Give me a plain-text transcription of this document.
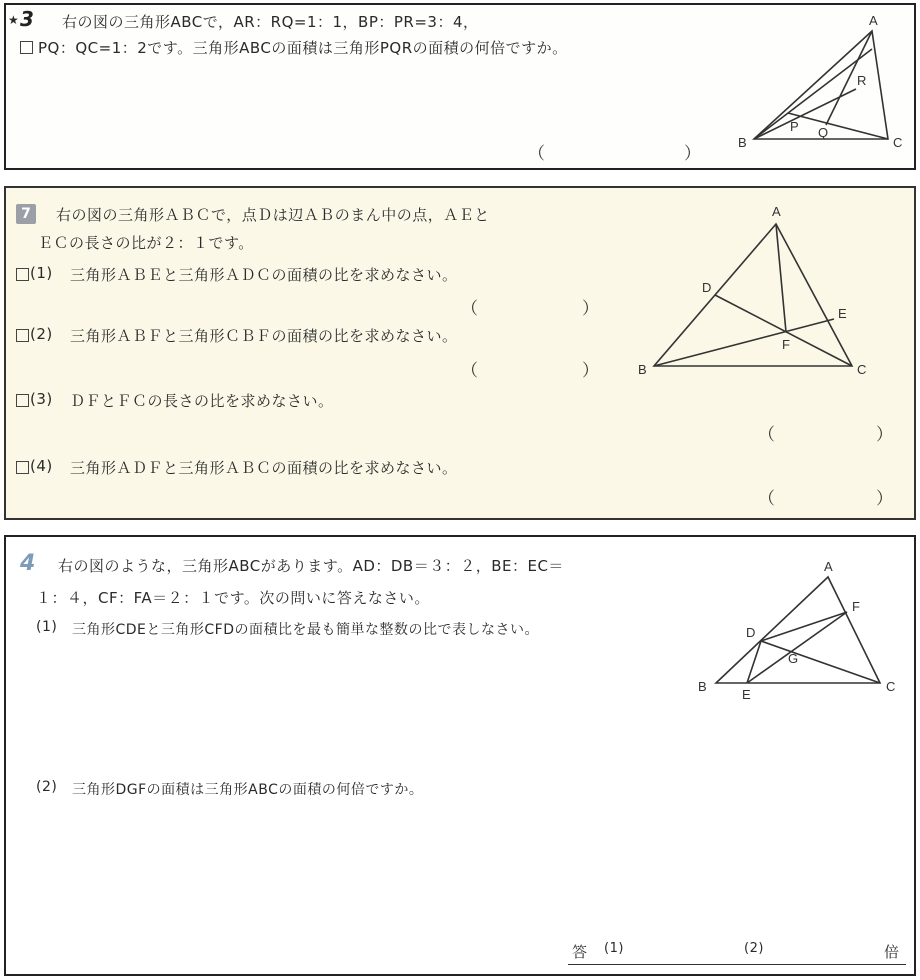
★ 3 右の図の三角形ABCで，AR：RQ=1：1，BP：PR=3：4，
PQ：QC=1：2です。三角形ABCの面積は三角形PQRの面積の何倍ですか。
（	）
A
B	C
P Q
R
7	右の図の三角形ＡＢＣで，点Ｄは辺ＡＢのまん中の点，ＡＥと
ＥＣの長さの比が２：１です。
(1) 三角形ＡＢＥと三角形ＡＤＣの面積の比を求めなさい。
（	）
(2) 三角形ＡＢＦと三角形ＣＢＦの面積の比を求めなさい。
（	）
(3) ＤＦとＦＣの長さの比を求めなさい。
（	）
(4) 三角形ＡＤＦと三角形ＡＢＣの面積の比を求めなさい。
（	）
A
B	C
D
E
F
4 右の図のような，三角形ABCがあります。AD：DB＝３：２，BE：EC＝
１：４，CF：FA＝２：１です。次の問いに答えなさい。
(1) 三角形CDEと三角形CFDの面積比を最も簡単な整数の比で表しなさい。
(2) 三角形DGFの面積は三角形ABCの面積の何倍ですか。
答 (1)	(2)	倍
A
B	C
D
E
F
G
